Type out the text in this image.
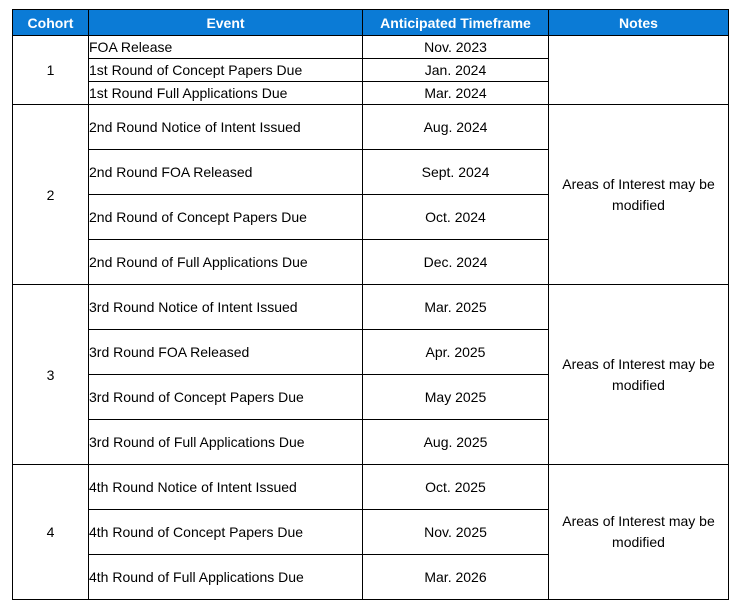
Cohort	Event	Anticipated Timeframe	Notes
1	FOA Release	Nov. 2023	
	1st Round of Concept Papers Due	Jan. 2024	
	1st Round Full Applications Due	Mar. 2024	
2	2nd Round Notice of Intent Issued	Aug. 2024	Areas of Interest may be modified
	2nd Round FOA Released	Sept. 2024	
	2nd Round of Concept Papers Due	Oct. 2024	
	2nd Round of Full Applications Due	Dec. 2024	
3	3rd Round Notice of Intent Issued	Mar. 2025	Areas of Interest may be modified
	3rd Round FOA Released	Apr. 2025	
	3rd Round of Concept Papers Due	May 2025	
	3rd Round of Full Applications Due	Aug. 2025	
4	4th Round Notice of Intent Issued	Oct. 2025	Areas of Interest may be modified
	4th Round of Concept Papers Due	Nov. 2025	
	4th Round of Full Applications Due	Mar. 2026	
